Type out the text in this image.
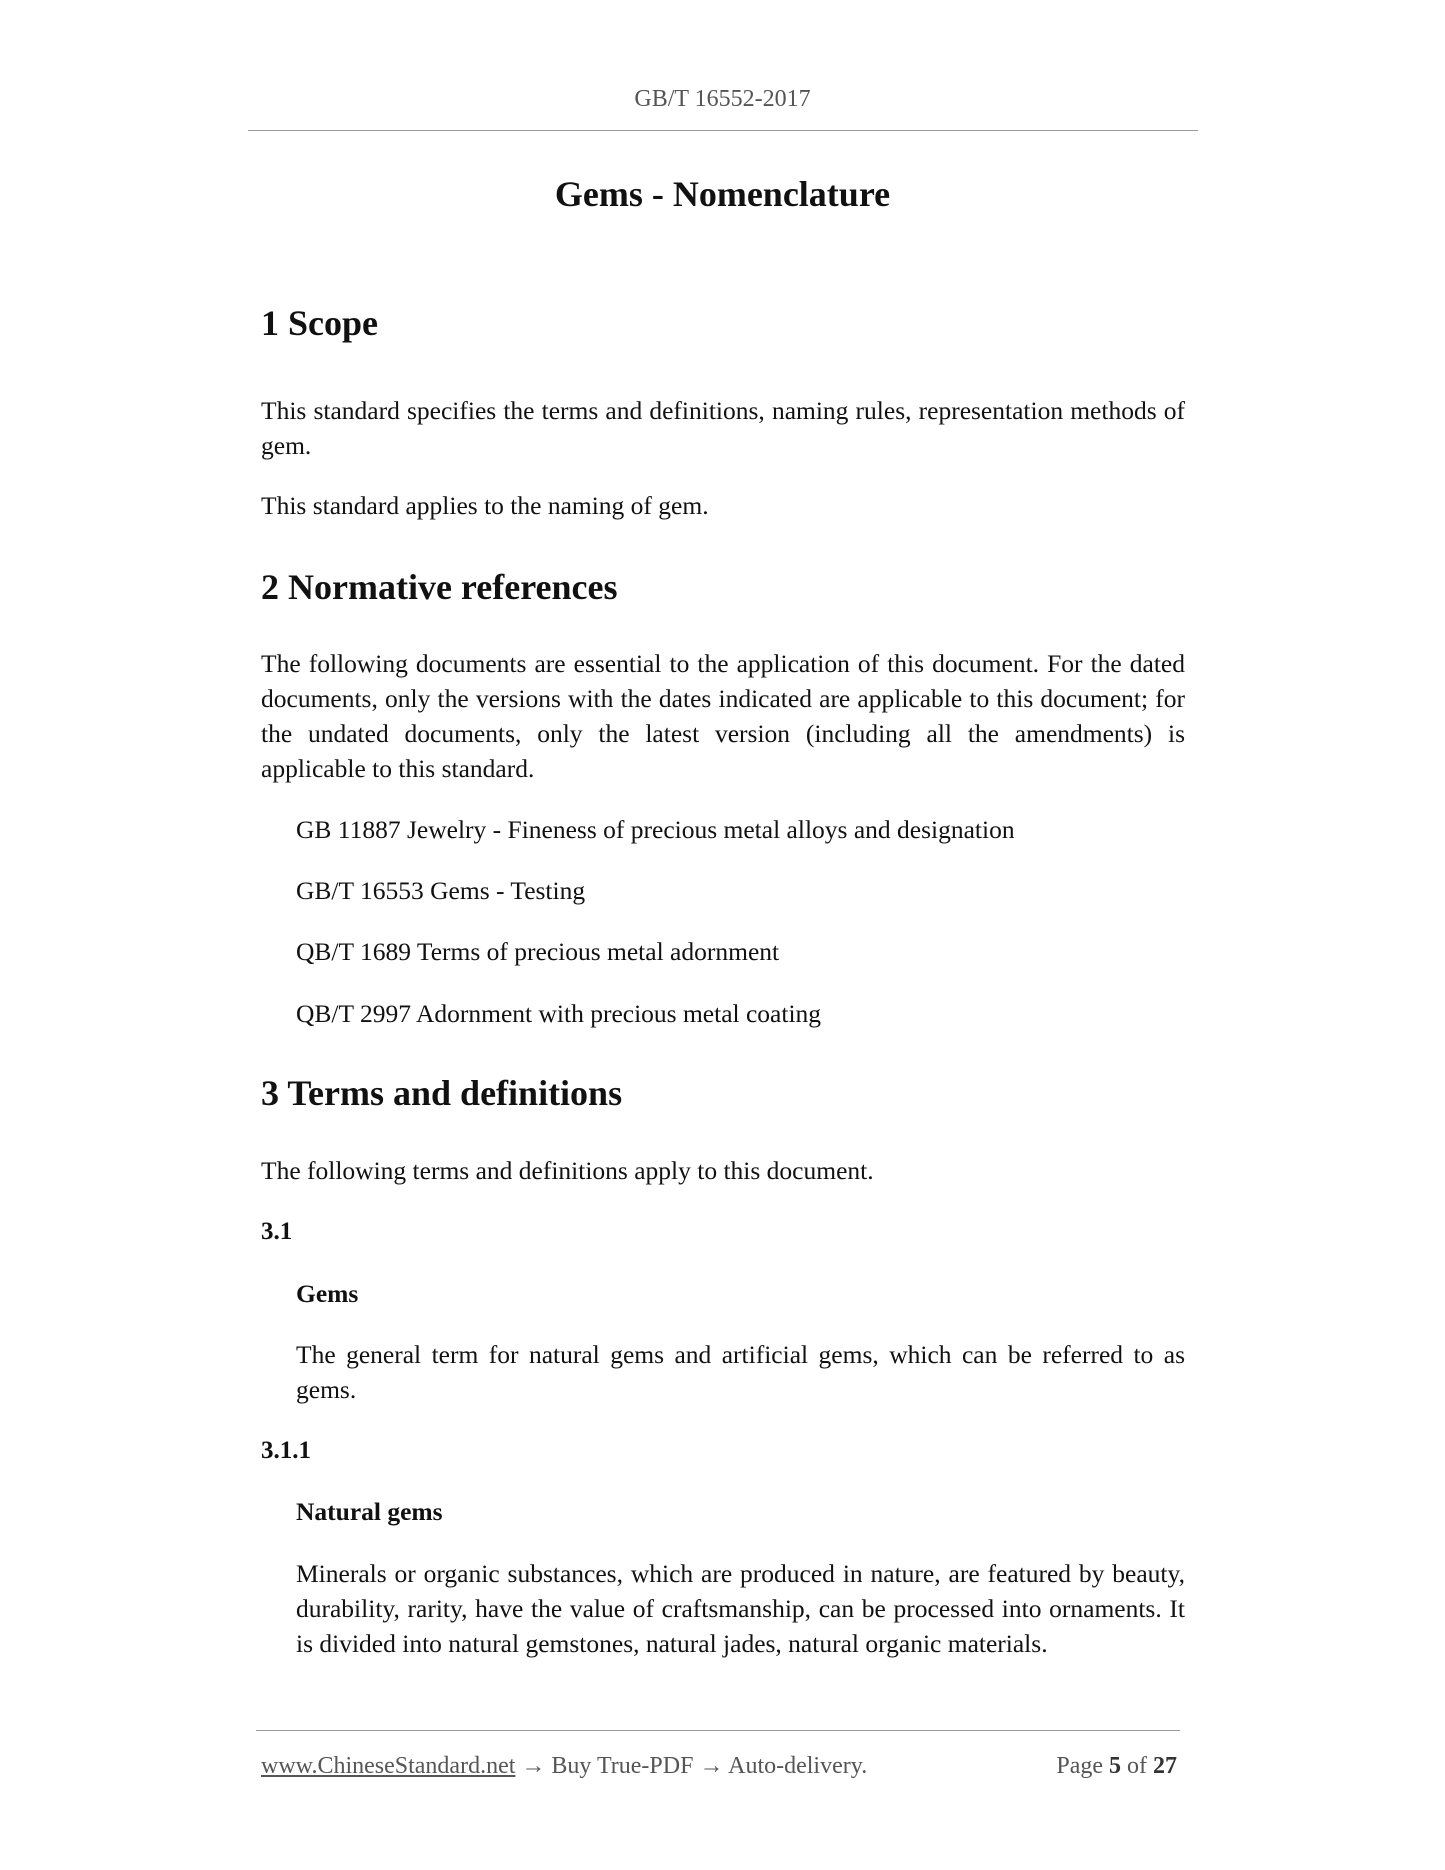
GB/T 16552-2017
Gems - Nomenclature
1 Scope

This standard specifies the terms and definitions, naming rules, representation methods of gem.

This standard applies to the naming of gem.

2 Normative references

The following documents are essential to the application of this document. For the dated documents, only the versions with the dates indicated are applicable to this document; for the undated documents, only the latest version (including all the amendments) is applicable to this standard.

GB 11887 Jewelry - Fineness of precious metal alloys and designation

GB/T 16553 Gems - Testing

QB/T 1689 Terms of precious metal adornment

QB/T 2997 Adornment with precious metal coating

3 Terms and definitions

The following terms and definitions apply to this document.

3.1

Gems

The general term for natural gems and artificial gems, which can be referred to as gems.

3.1.1

Natural gems

Minerals or organic substances, which are produced in nature, are featured by beauty, durability, rarity, have the value of craftsmanship, can be processed into ornaments. It is divided into natural gemstones, natural jades, natural organic materials.

www.ChineseStandard.net → Buy True-PDF → Auto-delivery.	Page 5 of 27
